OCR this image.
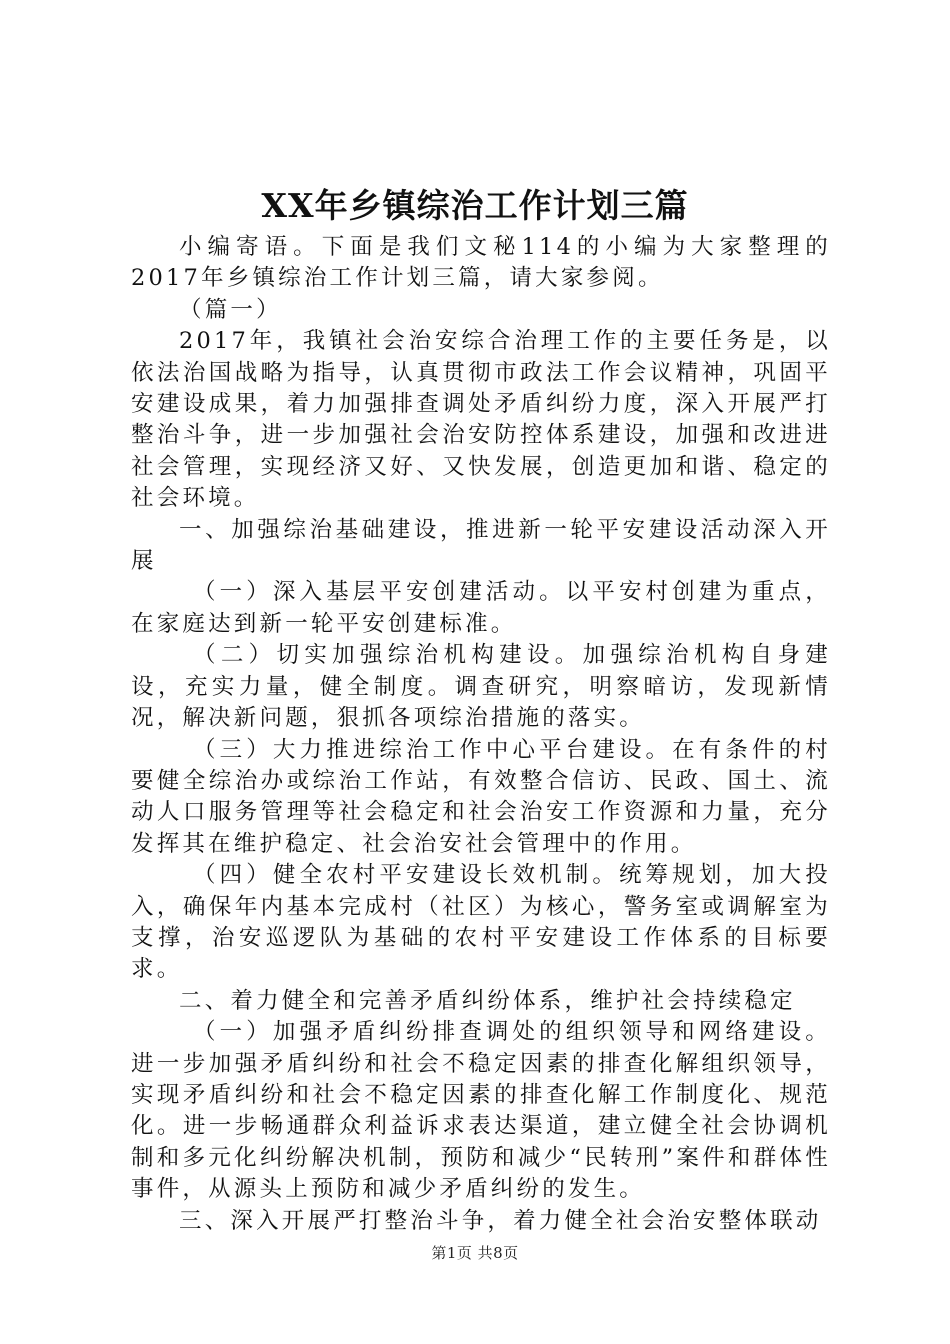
XX年乡镇综治工作计划三篇

小编寄语。下面是我们文秘114的小编为大家整理的2017年乡镇综治工作计划三篇，请大家参阅。

（篇一）

2017年，我镇社会治安综合治理工作的主要任务是，以依法治国战略为指导，认真贯彻市政法工作会议精神，巩固平安建设成果，着力加强排查调处矛盾纠纷力度，深入开展严打整治斗争，进一步加强社会治安防控体系建设，加强和改进进社会管理，实现经济又好、又快发展，创造更加和谐、稳定的社会环境。

一、加强综治基础建设，推进新一轮平安建设活动深入开展

（一）深入基层平安创建活动。以平安村创建为重点，在家庭达到新一轮平安创建标准。

（二）切实加强综治机构建设。加强综治机构自身建设，充实力量，健全制度。调查研究，明察暗访，发现新情况，解决新问题，狠抓各项综治措施的落实。

（三）大力推进综治工作中心平台建设。在有条件的村要健全综治办或综治工作站，有效整合信访、民政、国土、流动人口服务管理等社会稳定和社会治安工作资源和力量，充分发挥其在维护稳定、社会治安社会管理中的作用。

（四）健全农村平安建设长效机制。统筹规划，加大投入，确保年内基本完成村（社区）为核心，警务室或调解室为支撑，治安巡逻队为基础的农村平安建设工作体系的目标要求。

二、着力健全和完善矛盾纠纷体系，维护社会持续稳定

（一）加强矛盾纠纷排查调处的组织领导和网络建设。进一步加强矛盾纠纷和社会不稳定因素的排查化解组织领导，实现矛盾纠纷和社会不稳定因素的排查化解工作制度化、规范化。进一步畅通群众利益诉求表达渠道，建立健全社会协调机制和多元化纠纷解决机制，预防和减少“民转刑”案件和群体性事件，从源头上预防和减少矛盾纠纷的发生。

三、深入开展严打整治斗争，着力健全社会治安整体联动

第1页 共8页
